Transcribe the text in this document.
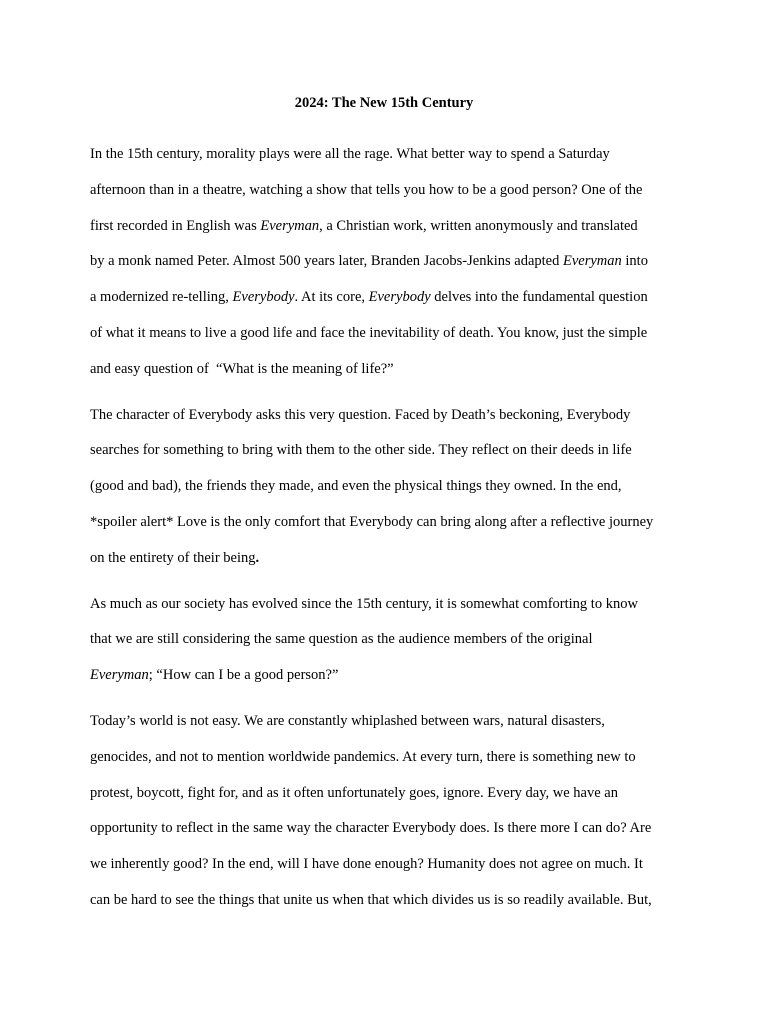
2024: The New 15th Century

In the 15th century, morality plays were all the rage. What better way to spend a Saturday
afternoon than in a theatre, watching a show that tells you how to be a good person? One of the
first recorded in English was Everyman, a Christian work, written anonymously and translated
by a monk named Peter. Almost 500 years later, Branden Jacobs-Jenkins adapted Everyman into
a modernized re-telling, Everybody. At its core, Everybody delves into the fundamental question
of what it means to live a good life and face the inevitability of death. You know, just the simple
and easy question of  “What is the meaning of life?”

The character of Everybody asks this very question. Faced by Death’s beckoning, Everybody
searches for something to bring with them to the other side. They reflect on their deeds in life
(good and bad), the friends they made, and even the physical things they owned. In the end,
*spoiler alert* Love is the only comfort that Everybody can bring along after a reflective journey
on the entirety of their being.

As much as our society has evolved since the 15th century, it is somewhat comforting to know
that we are still considering the same question as the audience members of the original
Everyman; “How can I be a good person?”

Today’s world is not easy. We are constantly whiplashed between wars, natural disasters,
genocides, and not to mention worldwide pandemics. At every turn, there is something new to
protest, boycott, fight for, and as it often unfortunately goes, ignore. Every day, we have an
opportunity to reflect in the same way the character Everybody does. Is there more I can do? Are
we inherently good? In the end, will I have done enough? Humanity does not agree on much. It
can be hard to see the things that unite us when that which divides us is so readily available. But,
